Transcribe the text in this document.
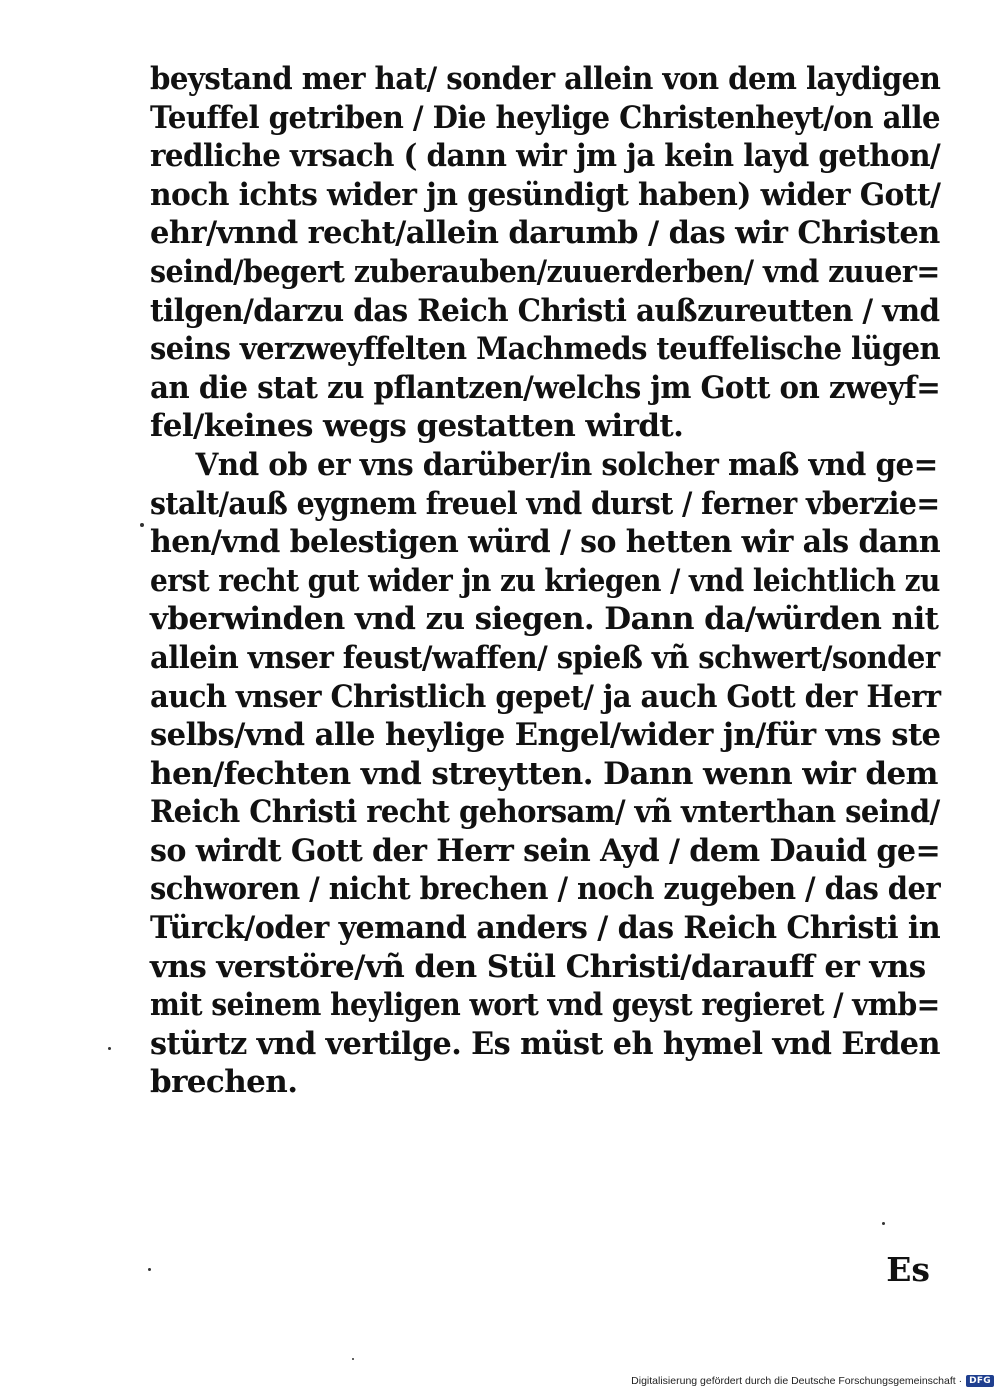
beystand mer hat/ sonder allein von dem laydigen
Teuffel getriben / Die heylige Christenheyt/on alle
redliche vrsach ( dann wir jm ja kein layd gethon/
noch ichts wider jn gesündigt haben) wider Gott/
ehr/vnnd recht/allein darumb / das wir Christen
seind/begert zuberauben/zuuerderben/ vnd zuuer=
tilgen/darzu das Reich Christi außzureutten / vnd
seins verzweyffelten Machmeds teuffelische lügen
an die stat zu pflantzen/welchs jm Gott on zweyf=
fel/keines wegs gestatten wirdt.
Vnd ob er vns darüber/in solcher maß vnd ge=
stalt/auß eygnem freuel vnd durst / ferner vberzie=
hen/vnd belestigen würd / so hetten wir als dann
erst recht gut wider jn zu kriegen / vnd leichtlich zu
vberwinden vnd zu siegen. Dann da/würden nit
allein vnser feust/waffen/ spieß vñ schwert/sonder
auch vnser Christlich gepet/ ja auch Gott der Herr
selbs/vnd alle heylige Engel/wider jn/für vns ste
hen/fechten vnd streytten. Dann wenn wir dem
Reich Christi recht gehorsam/ vñ vnterthan seind/
so wirdt Gott der Herr sein Ayd / dem Dauid ge=
schworen / nicht brechen / noch zugeben / das der
Türck/oder yemand anders / das Reich Christi in
vns verstöre/vñ den Stül Christi/darauff er vns
mit seinem heyligen wort vnd geyst regieret / vmb=
stürtz vnd vertilge. Es müst eh hymel vnd Erden
brechen.
Es
Digitalisierung gefördert durch die Deutsche Forschungsgemeinschaft · DFG
